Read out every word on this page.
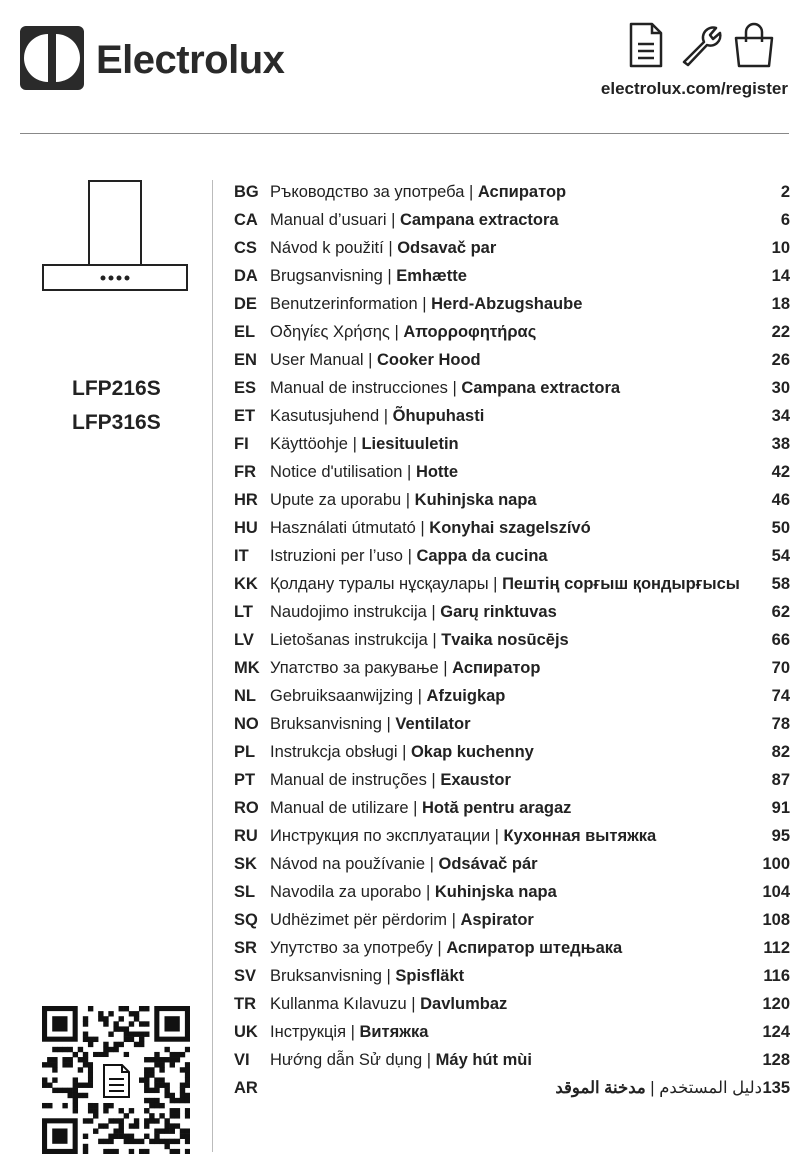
Electrolux
electrolux.com/register
LFP216S
LFP316S
BG Ръководство за употреба | Аспиратор	2
CA Manual d’usuari | Campana extractora	6
CS Návod k použití | Odsavač par	10
DA Brugsanvisning | Emhætte	14
DE Benutzerinformation | Herd-Abzugshaube	18
EL Οδηγίες Χρήσης | Απορροφητήρας	22
EN User Manual | Cooker Hood	26
ES Manual de instrucciones | Campana extractora	30
ET Kasutusjuhend | Õhupuhasti	34
FI Käyttöohje | Liesituuletin	38
FR Notice d'utilisation | Hotte	42
HR Upute za uporabu | Kuhinjska napa	46
HU Használati útmutató | Konyhai szagelszívó	50
IT Istruzioni per l’uso | Cappa da cucina	54
KK Қолдану туралы нұсқаулары | Пештің сорғыш қондырғысы 58
LT Naudojimo instrukcija | Garų rinktuvas	62
LV Lietošanas instrukcija | Tvaika nosūcējs	66
MK Упатство за ракување | Аспиратор	70
NL Gebruiksaanwijzing | Afzuigkap	74
NO Bruksanvisning | Ventilator	78
PL Instrukcja obsługi | Okap kuchenny	82
PT Manual de instruções | Exaustor	87
RO Manual de utilizare | Hotă pentru aragaz	91
RU Инструкция по эксплуатации | Кухонная вытяжка	95
SK Návod na používanie | Odsávač pár	100
SL Navodila za uporabo | Kuhinjska napa	104
SQ Udhëzimet për përdorim | Aspirator	108
SR Упутство за употребу | Аспиратор штедњака	112
SV Bruksanvisning | Spisfläkt	116
TR Kullanma Kılavuzu | Davlumbaz	120
UK Інструкція | Витяжка	124
VI Hướng dẫn Sử dụng | Máy hút mùi	128
AR	دليل المستخدم | مدخنة الموقد	135
